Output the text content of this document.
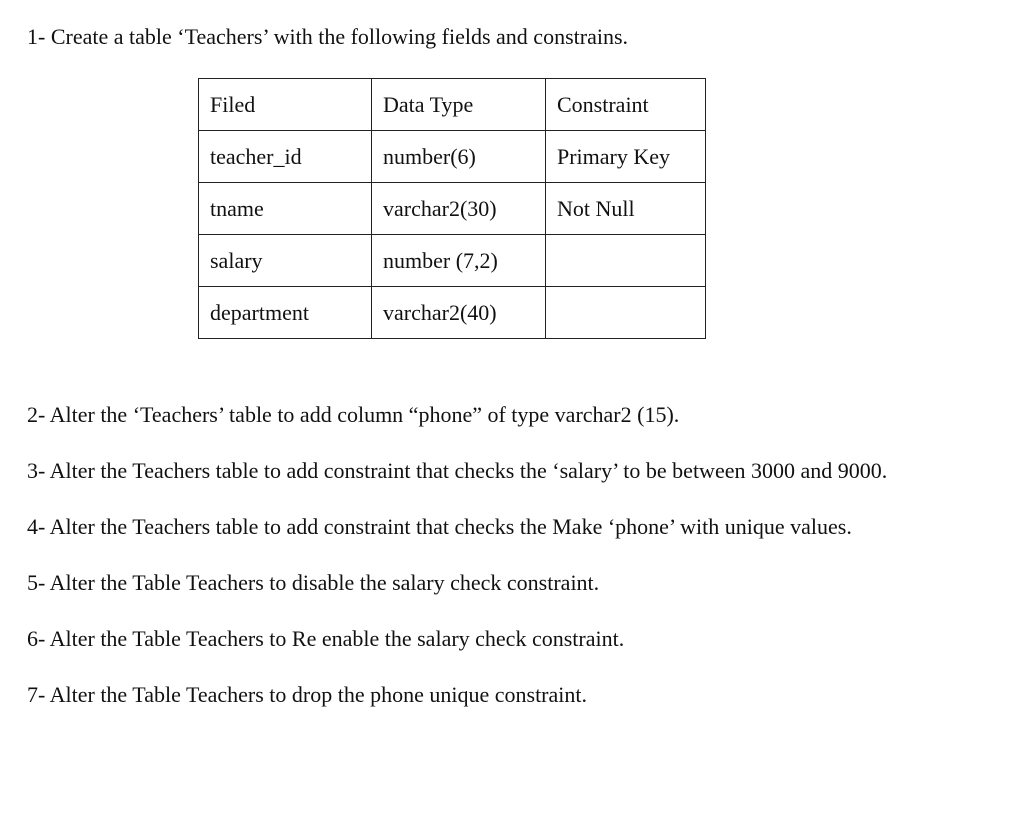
1- Create a table ‘Teachers’ with the following fields and constrains.
Filed	Data Type	Constraint
teacher_id	number(6)	Primary Key
tname	varchar2(30)	Not Null
salary	number (7,2)	
department	varchar2(40)	
2- Alter the ‘Teachers’ table to add column “phone” of type varchar2 (15).
3- Alter the Teachers table to add constraint that checks the ‘salary’ to be between 3000 and 9000.
4- Alter the Teachers table to add constraint that checks the Make ‘phone’ with unique values.
5- Alter the Table Teachers to disable the salary check constraint.
6- Alter the Table Teachers to Re enable the salary check constraint.
7- Alter the Table Teachers to drop the phone unique constraint.
